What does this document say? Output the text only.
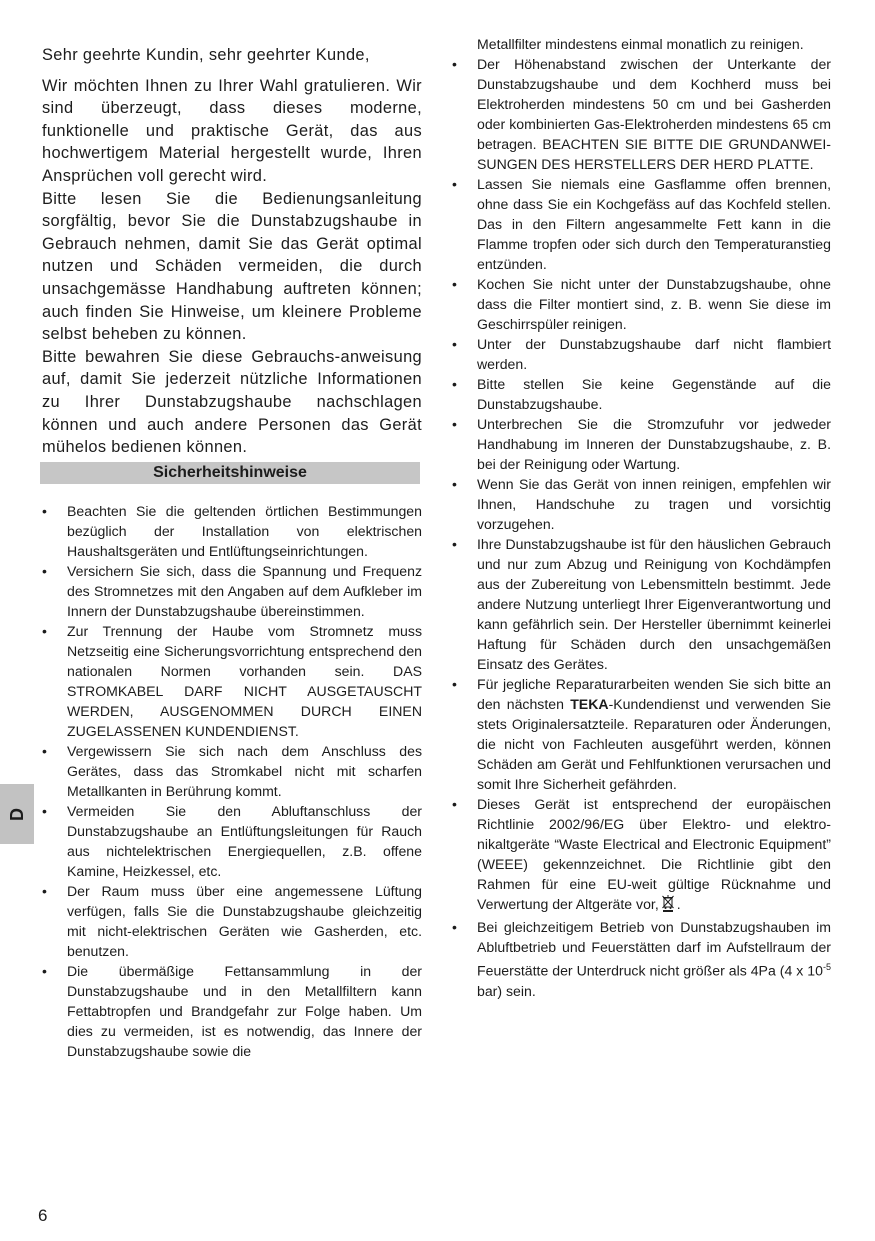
Sehr geehrte Kundin, sehr geehrter Kunde,

Wir möchten Ihnen zu Ihrer Wahl gratulieren. Wir sind überzeugt, dass dieses moderne, funktionelle und praktische Gerät, das aus hochwertigem Material hergestellt wurde, Ihren Ansprüchen voll gerecht wird.

Bitte lesen Sie die Bedienungsanleitung sorgfältig, bevor Sie die Dunstabzugshaube in Gebrauch nehmen, damit Sie das Gerät optimal nutzen und Schäden vermeiden, die durch unsachgemässe Handhabung auftreten können; auch finden Sie Hinweise, um kleinere Probleme selbst beheben zu können.

Bitte bewahren Sie diese Gebrauchs-anweisung auf, damit Sie jederzeit nützliche Informationen zu Ihrer Dunstabzugshaube nachschlagen können und auch andere Personen das Gerät mühelos bedienen können.

Sicherheitshinweise
• Beachten Sie die geltenden örtlichen Bestimmungen bezüglich der Installation von elektrischen Haushaltsgeräten und Entlüftungseinrichtungen.
• Versichern Sie sich, dass die Spannung und Frequenz des Stromnetzes mit den Angaben auf dem Aufkleber im Innern der Dunstabzugshaube übereinstimmen.
• Zur Trennung der Haube vom Stromnetz muss Netzseitig eine Sicherungsvorrichtung entsprechend den nationalen Normen vorhanden sein. DAS STROMKABEL DARF NICHT AUSGETAUSCHT WERDEN, AUSGENOMMEN DURCH EINEN ZUGELASSENEN KUNDENDIENST.
• Vergewissern Sie sich nach dem Anschluss des Gerätes, dass das Stromkabel nicht mit scharfen Metallkanten in Berührung kommt.
• Vermeiden Sie den Abluftanschluss der Dunstabzugshaube an Entlüftungsleitungen für Rauch aus nichtelektrischen Energiequellen, z.B. offene Kamine, Heizkessel, etc.
• Der Raum muss über eine angemessene Lüftung verfügen, falls Sie die Dunstabzugshaube gleichzeitig mit nicht-elektrischen Geräten wie Gasherden, etc. benutzen.
• Die übermäßige Fettansammlung in der Dunstabzugshaube und in den Metallfiltern kann Fettabtropfen und Brandgefahr zur Folge haben. Um dies zu vermeiden, ist es notwendig, das Innere der Dunstabzugshaube sowie die
Metallfilter mindestens einmal monatlich zu reinigen.
• Der Höhenabstand zwischen der Unterkante der Dunstabzugshaube und dem Kochherd muss bei Elektroherden mindestens 50 cm und bei Gasherden oder kombinierten Gas-Elektroherden mindestens 65 cm betragen. BEACHTEN SIE BITTE DIE GRUNDANWEI-SUNGEN DES HERSTELLERS DER HERD PLATTE.
• Lassen Sie niemals eine Gasflamme offen brennen, ohne dass Sie ein Kochgefäss auf das Kochfeld stellen. Das in den Filtern angesammelte Fett kann in die Flamme tropfen oder sich durch den Temperaturanstieg entzünden.
• Kochen Sie nicht unter der Dunstabzugshaube, ohne dass die Filter montiert sind, z. B. wenn Sie diese im Geschirrspüler reinigen.
• Unter der Dunstabzugshaube darf nicht flambiert werden.
• Bitte stellen Sie keine Gegenstände auf die Dunstabzugshaube.
• Unterbrechen Sie die Stromzufuhr vor jedweder Handhabung im Inneren der Dunstabzugshaube, z. B. bei der Reinigung oder Wartung.
• Wenn Sie das Gerät von innen reinigen, empfehlen wir Ihnen, Handschuhe zu tragen und vorsichtig vorzugehen.
• Ihre Dunstabzugshaube ist für den häuslichen Gebrauch und nur zum Abzug und Reinigung von Kochdämpfen aus der Zubereitung von Lebensmitteln bestimmt. Jede andere Nutzung unterliegt Ihrer Eigenverantwortung und kann gefährlich sein. Der Hersteller übernimmt keinerlei Haftung für Schäden durch den unsachgemäßen Einsatz des Gerätes.
• Für jegliche Reparaturarbeiten wenden Sie sich bitte an den nächsten TEKA-Kundendienst und verwenden Sie stets Originalersatzteile. Reparaturen oder Änderungen, die nicht von Fachleuten ausgeführt werden, können Schäden am Gerät und Fehlfunktionen verursachen und somit Ihre Sicherheit gefährden.
• Dieses Gerät ist entsprechend der europäischen Richtlinie 2002/96/EG über Elektro- und elektro-nikaltgeräte “Waste Electrical and Electronic Equipment” (WEEE) gekennzeichnet. Die Richtlinie gibt den Rahmen für eine EU-weit gültige Rücknahme und Verwertung der Altgeräte vor, .
• Bei gleichzeitigem Betrieb von Dunstabzugshauben im Abluftbetrieb und Feuerstätten darf im Aufstellraum der Feuerstätte der Unterdruck nicht größer als 4Pa (4 x $10^{-5}$ bar) sein.
D
6
